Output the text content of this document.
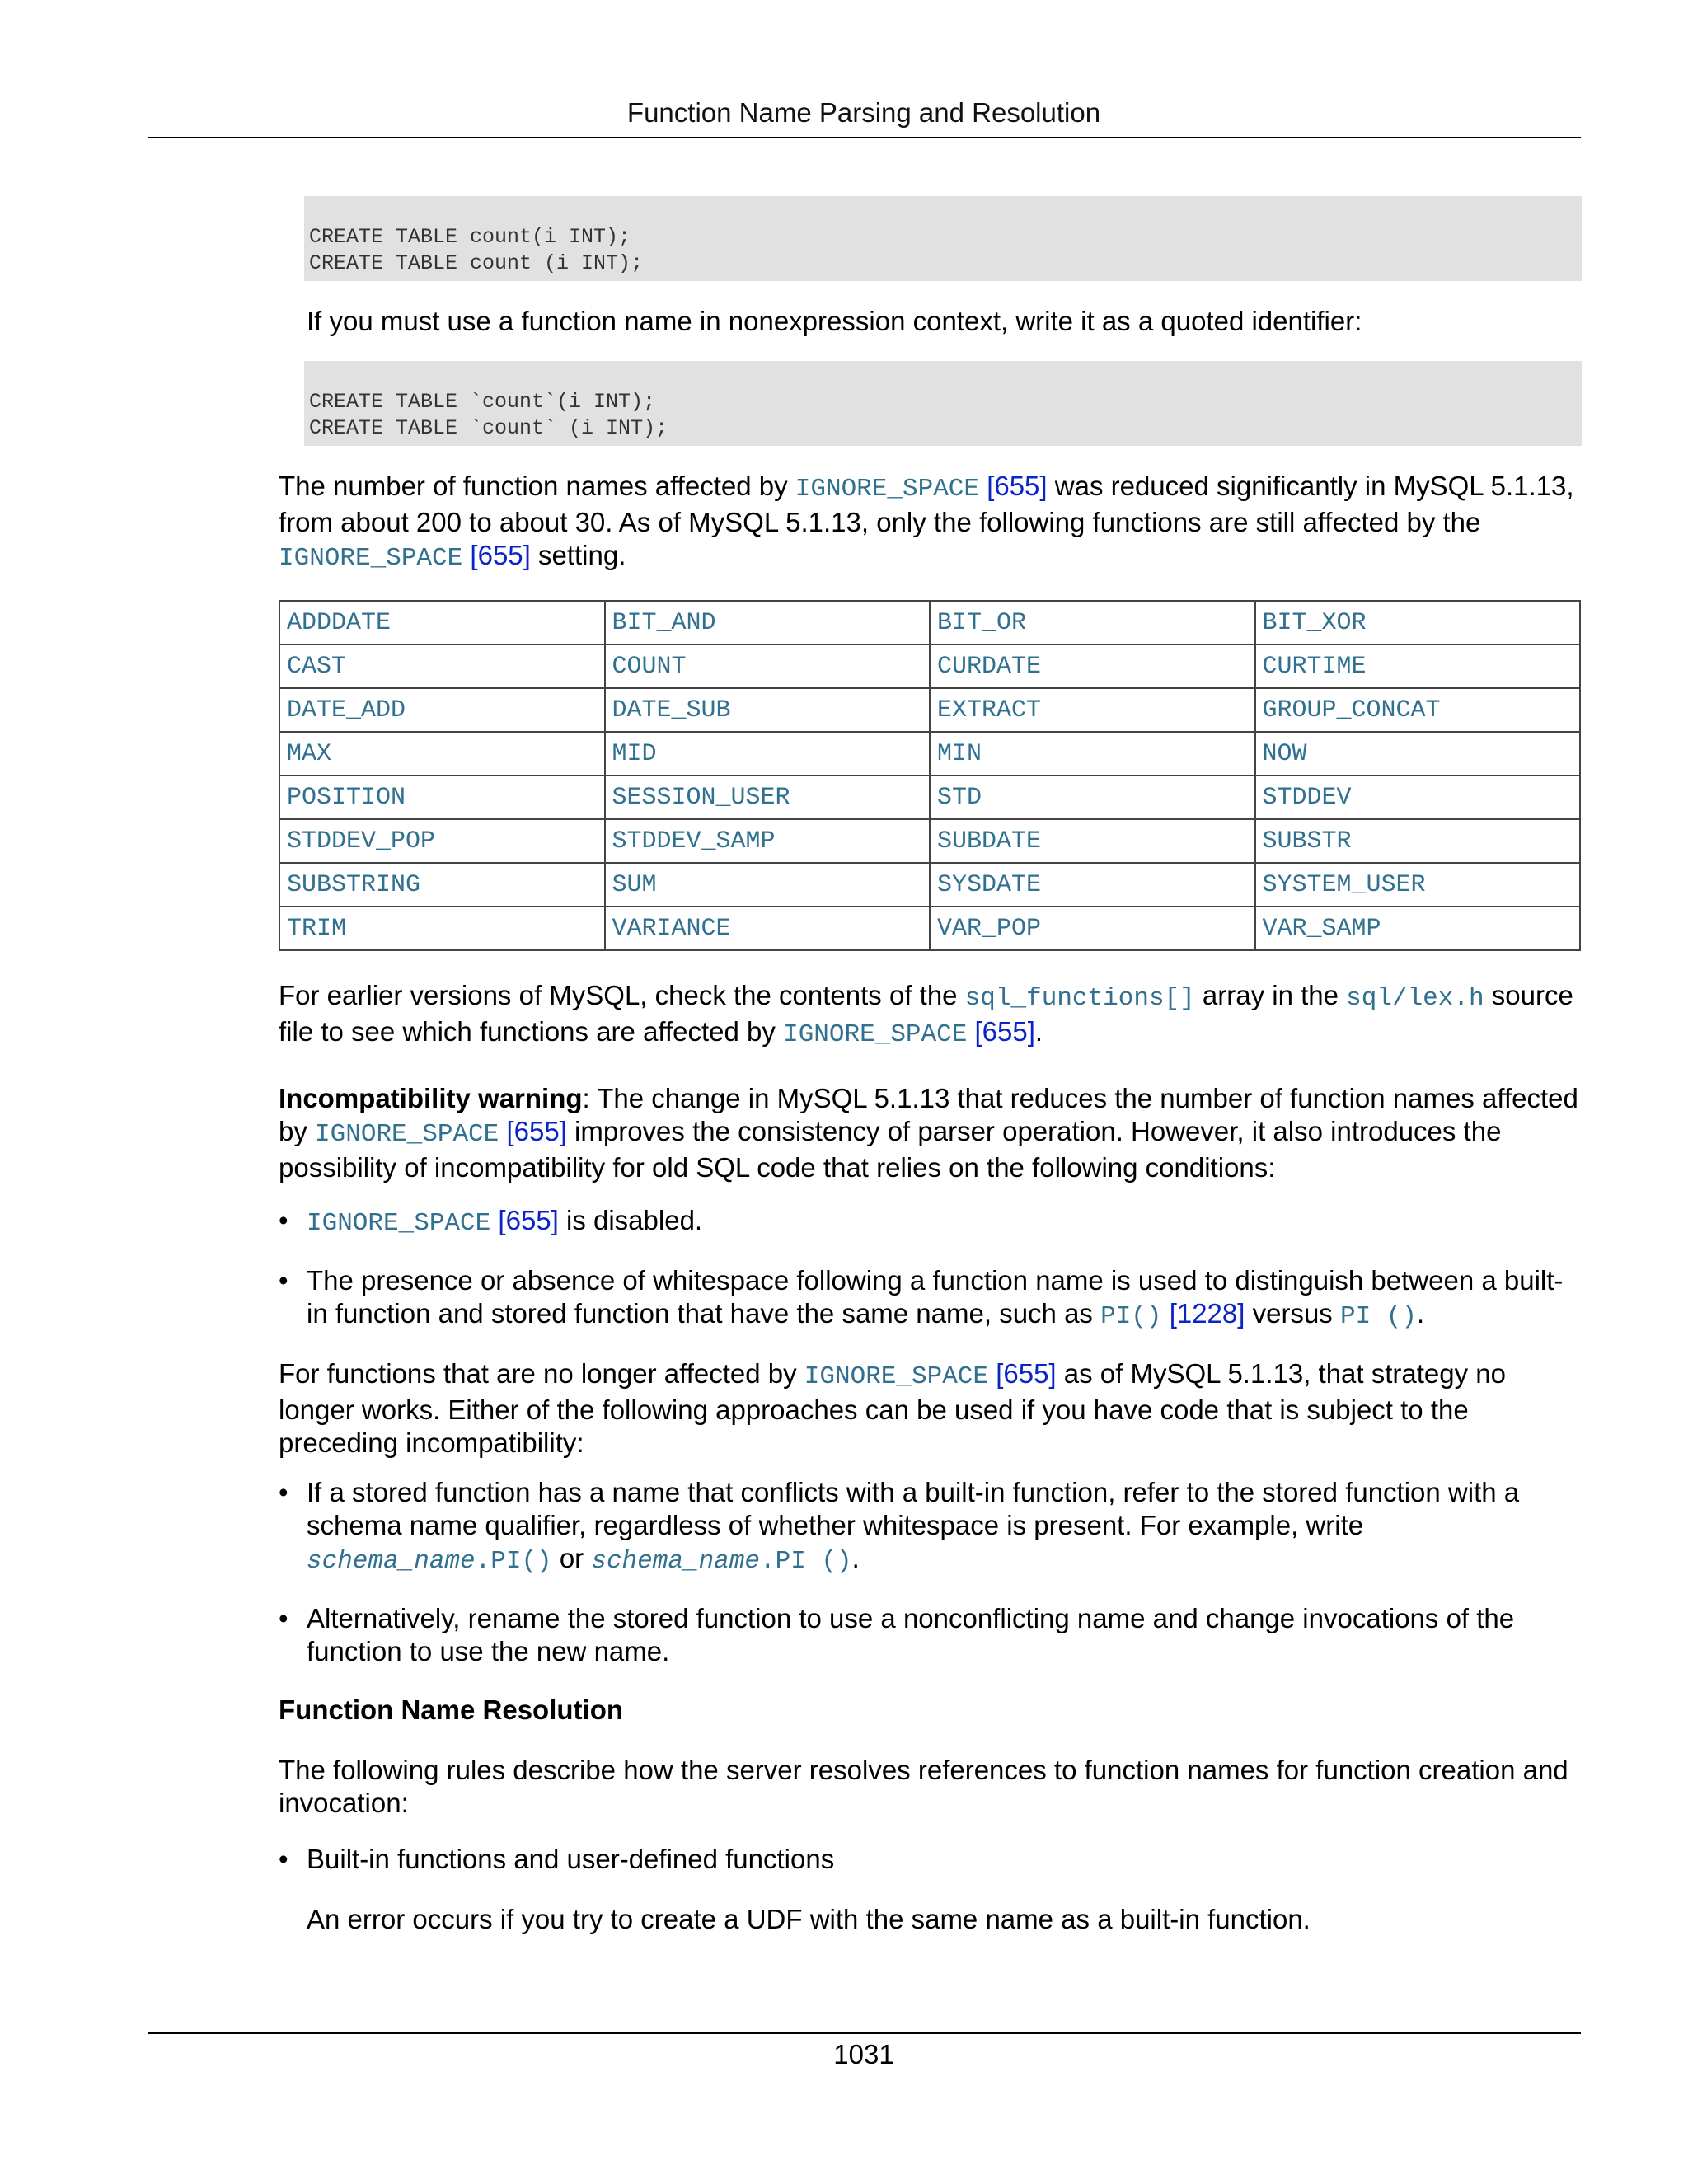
Function Name Parsing and Resolution
CREATE TABLE count(i INT);
CREATE TABLE count (i INT);
If you must use a function name in nonexpression context, write it as a quoted identifier:
CREATE TABLE `count`(i INT);
CREATE TABLE `count` (i INT);
The number of function names affected by IGNORE_SPACE [655] was reduced significantly in MySQL 5.1.13, from about 200 to about 30. As of MySQL 5.1.13, only the following functions are still affected by the IGNORE_SPACE [655] setting.
ADDDATE	BIT_AND	BIT_OR	BIT_XOR
CAST	COUNT	CURDATE	CURTIME
DATE_ADD	DATE_SUB	EXTRACT	GROUP_CONCAT
MAX	MID	MIN	NOW
POSITION	SESSION_USER	STD	STDDEV
STDDEV_POP	STDDEV_SAMP	SUBDATE	SUBSTR
SUBSTRING	SUM	SYSDATE	SYSTEM_USER
TRIM	VARIANCE	VAR_POP	VAR_SAMP
For earlier versions of MySQL, check the contents of the sql_functions[] array in the sql/lex.h source file to see which functions are affected by IGNORE_SPACE [655].
Incompatibility warning: The change in MySQL 5.1.13 that reduces the number of function names affected by IGNORE_SPACE [655] improves the consistency of parser operation. However, it also introduces the possibility of incompatibility for old SQL code that relies on the following conditions:
• IGNORE_SPACE [655] is disabled.
• The presence or absence of whitespace following a function name is used to distinguish between a built-in function and stored function that have the same name, such as PI() [1228] versus PI ().
For functions that are no longer affected by IGNORE_SPACE [655] as of MySQL 5.1.13, that strategy no longer works. Either of the following approaches can be used if you have code that is subject to the preceding incompatibility:
• If a stored function has a name that conflicts with a built-in function, refer to the stored function with a schema name qualifier, regardless of whether whitespace is present. For example, write schema_name.PI() or schema_name.PI ().
• Alternatively, rename the stored function to use a nonconflicting name and change invocations of the function to use the new name.
Function Name Resolution
The following rules describe how the server resolves references to function names for function creation and invocation:
• Built-in functions and user-defined functions
An error occurs if you try to create a UDF with the same name as a built-in function.
1031
